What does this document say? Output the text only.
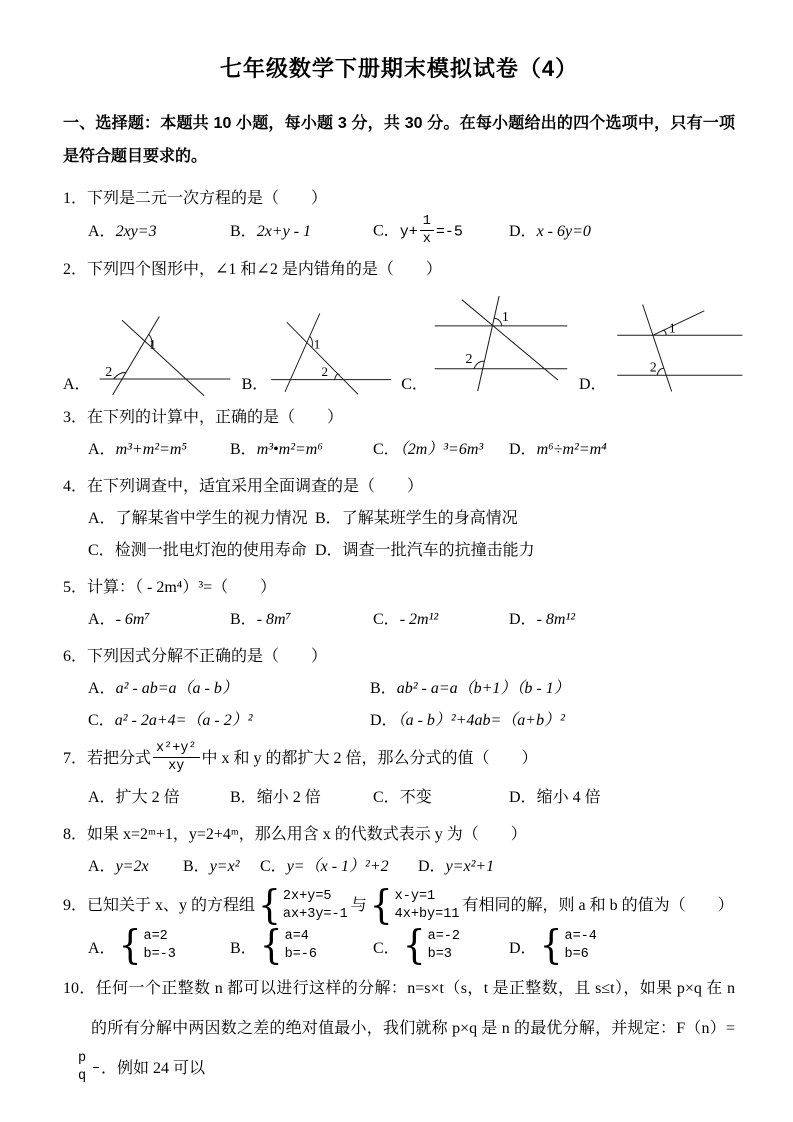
七年级数学下册期末模拟试卷（4）
一、选择题：本题共 10 小题，每小题 3 分，共 30 分。在每小题给出的四个选项中，只有一项是符合题目要求的。
1．下列是二元一次方程的是（　　）
A．2xy=3	B．2x+y - 1	C．$y+ \frac{1}{x} =-5$	D．x - 6y=0
2．下列四个图形中，∠1 和∠2 是内错角的是（　　）
A．
1
2
B．
1
2
C．
1
2
D．
1
2
3．在下列的计算中，正确的是（　　）
A．m³+m²=m⁵	B．m³•m²=m⁶	C．（2m）³=6m³	D．m⁶÷m²=m⁴
4．在下列调查中，适宜采用全面调查的是（　　）
A．了解某省中学生的视力情况 B．了解某班学生的身高情况
C．检测一批电灯泡的使用寿命 D．调查一批汽车的抗撞击能力
5．计算：（ - 2m⁴）³=（　　）
A．- 6m⁷	B．- 8m⁷	C．- 2m¹²	D．- 8m¹²
6．下列因式分解不正确的是（　　）
A．a² - ab=a（a - b）	B．ab² - a=a（b+1）（b - 1）
C．a² - 2a+4=（a - 2）²	D．（a - b）²+4ab=（a+b）²
7．若把分式 $\frac{\text{x²+y²}}{xy}$ 中 x 和 y 的都扩大 2 倍，那么分式的值（　　）
A．扩大 2 倍	B．缩小 2 倍	C．不变	D．缩小 4 倍
8．如果 x=2ᵐ+1，y=2+4ᵐ，那么用含 x 的代数式表示 y 为（　　）
A．y=2x	B．y=x²	C．y=（x - 1）²+2	D．y=x²+1
9．已知关于 x、y 的方程组 { 2x+y=5
ax+3y=-1
与 { x-y=1
4x+by=11
有相同的解，则 a 和 b 的值为（　　）
A． { a=2
b=-3	B． { a=4
b=-6	C． { a=-2
b=3	D． { a=-4
b=6
10．任何一个正整数 n 都可以进行这样的分解：n=s×t（s，t 是正整数，且 s≤t），如果 p×q 在 n 的所有分解中两因数之差的绝对值最小，我们就称 p×q 是 n 的最优分解，并规定：F（n）=
$\frac{p}{q}$ ．例如 24 可以
